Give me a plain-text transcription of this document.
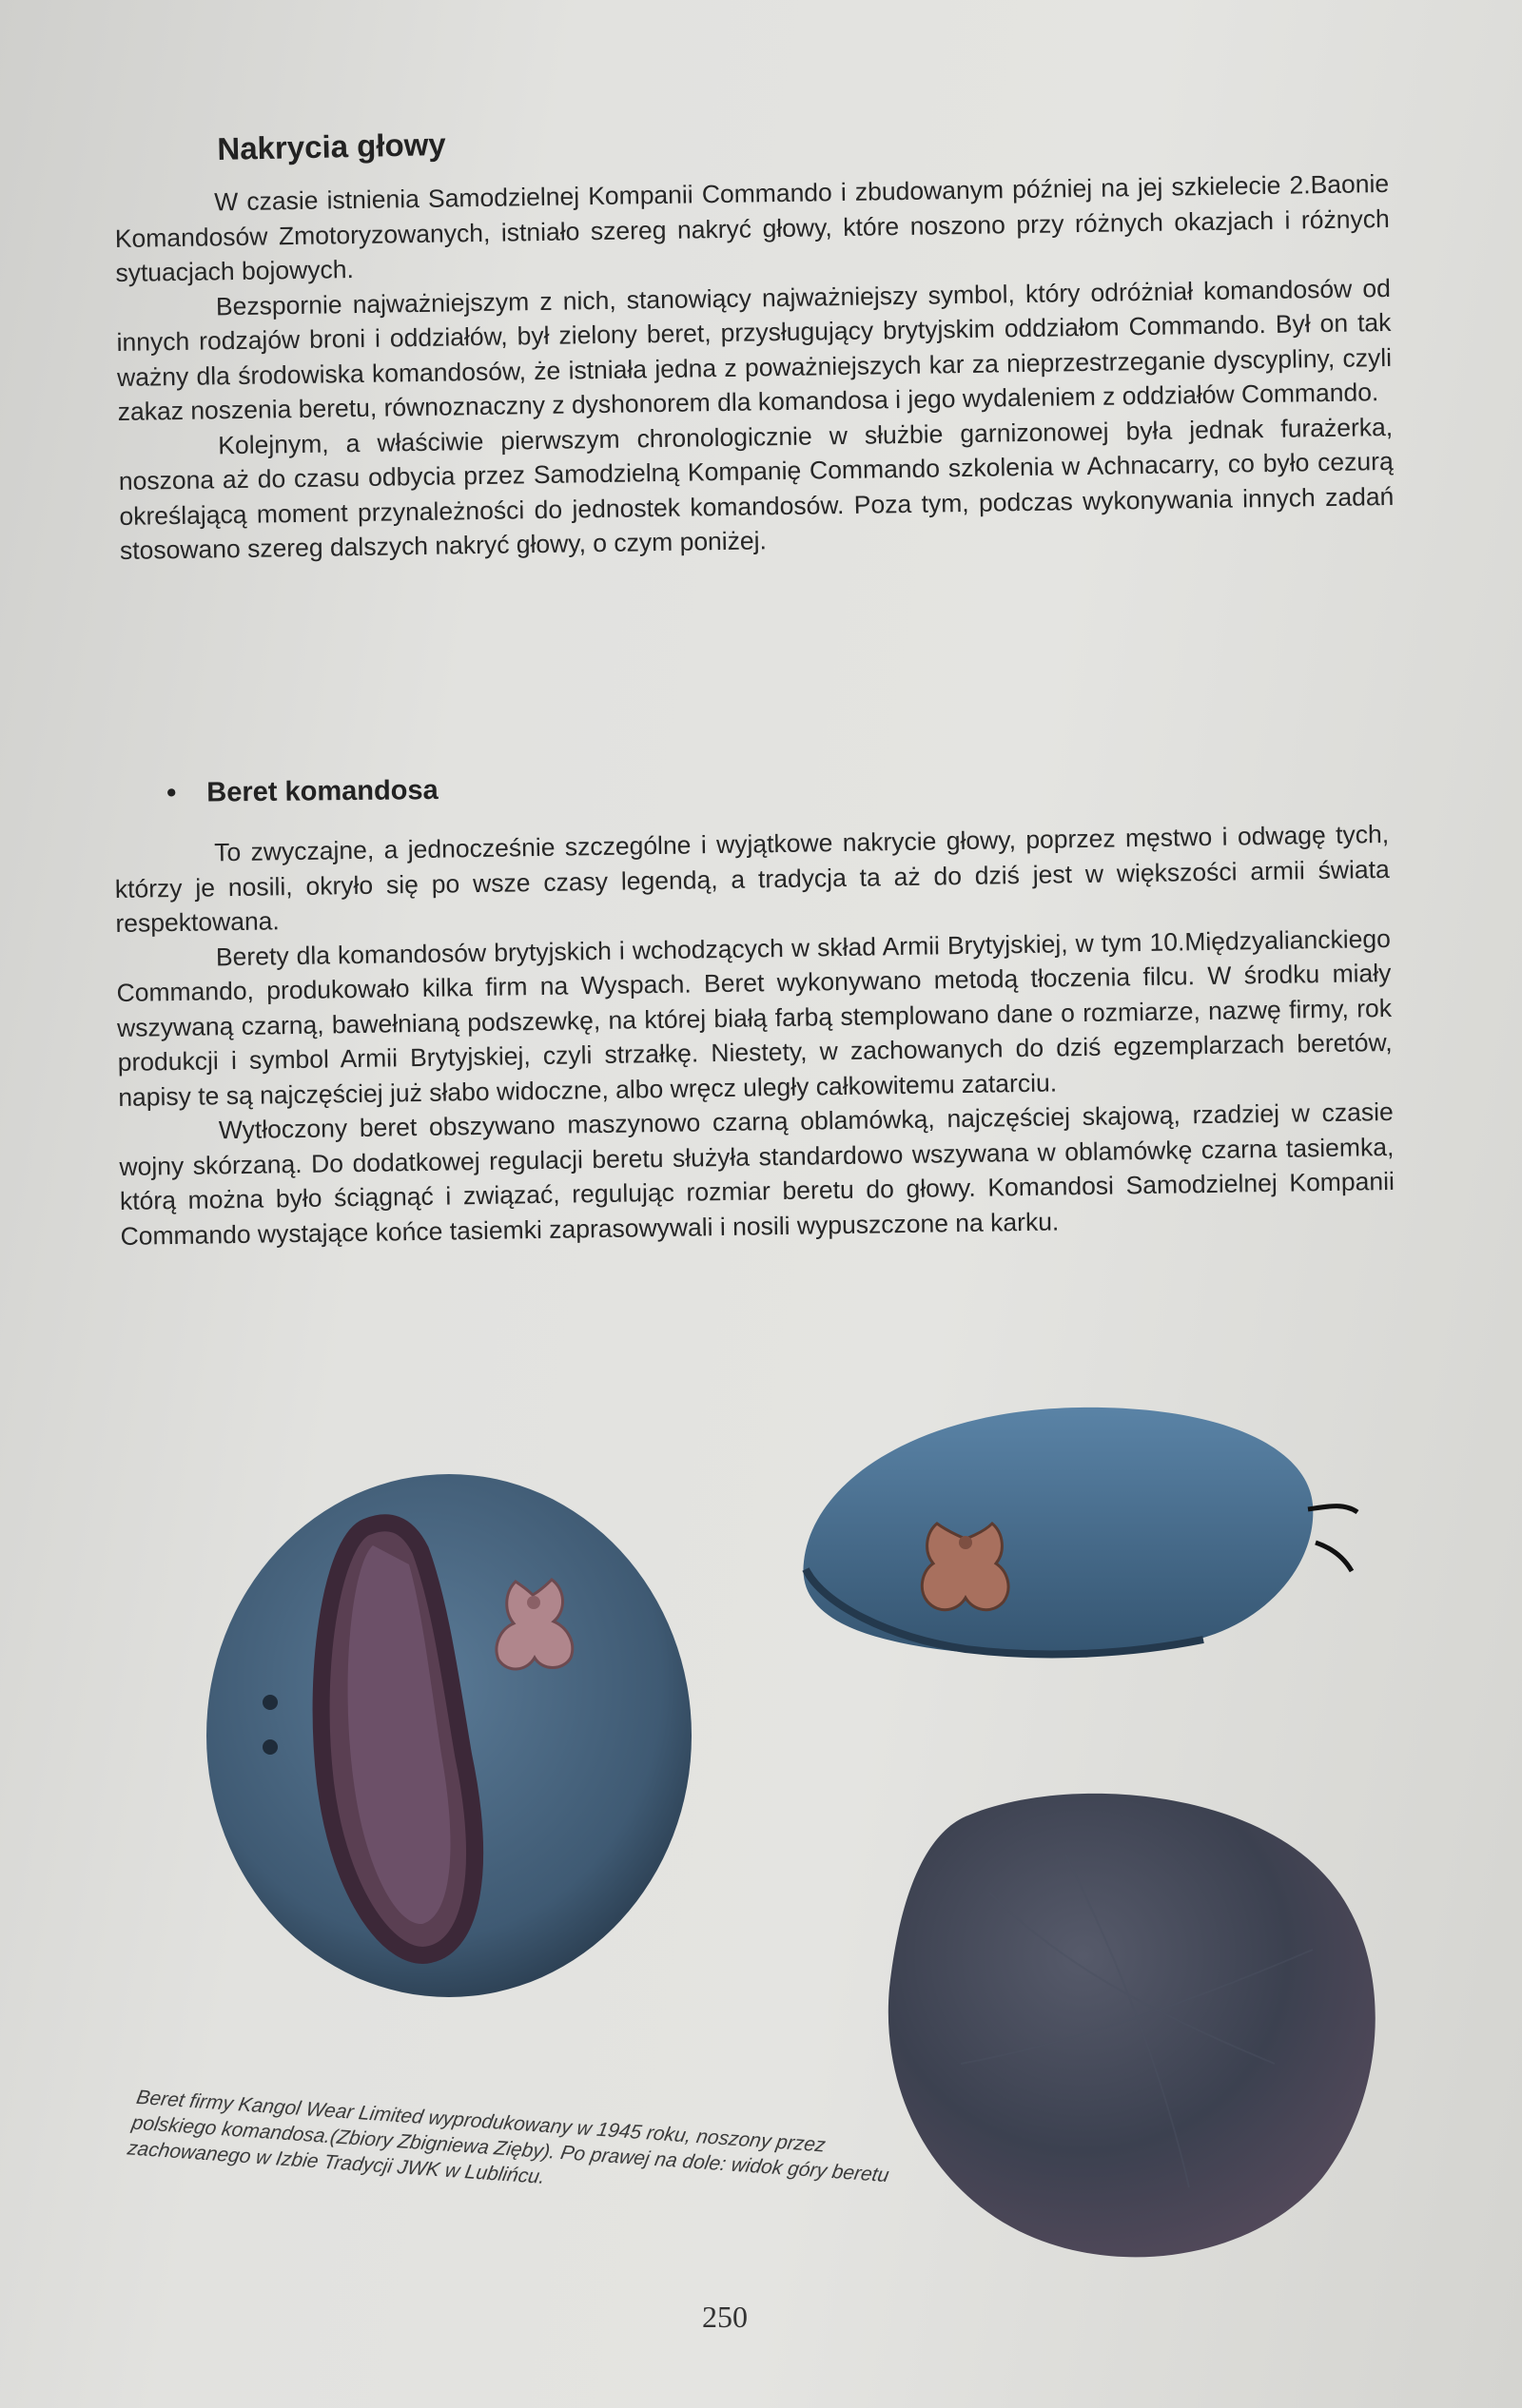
Nakrycia głowy

W czasie istnienia Samodzielnej Kompanii Commando i zbudowanym później na jej szkielecie 2.Baonie Komandosów Zmotoryzowanych, istniało szereg nakryć głowy, które noszono przy różnych okazjach i różnych sytuacjach bojowych.

Bezspornie najważniejszym z nich, stanowiący najważniejszy symbol, który odróżniał komandosów od innych rodzajów broni i oddziałów, był zielony beret, przysługujący brytyjskim oddziałom Commando. Był on tak ważny dla środowiska komandosów, że istniała jedna z poważniejszych kar za nieprzestrzeganie dyscypliny, czyli zakaz noszenia beretu, równoznaczny z dyshonorem dla komandosa i jego wydaleniem z oddziałów Commando.

Kolejnym, a właściwie pierwszym chronologicznie w służbie garnizonowej była jednak furażerka, noszona aż do czasu odbycia przez Samodzielną Kompanię Commando szkolenia w Achnacarry, co było cezurą określającą moment przynależności do jednostek komandosów. Poza tym, podczas wykonywania innych zadań stosowano szereg dalszych nakryć głowy, o czym poniżej.

• Beret komandosa

To zwyczajne, a jednocześnie szczególne i wyjątkowe nakrycie głowy, poprzez męstwo i odwagę tych, którzy je nosili, okryło się po wsze czasy legendą, a tradycja ta aż do dziś jest w większości armii świata respektowana.

Berety dla komandosów brytyjskich i wchodzących w skład Armii Brytyjskiej, w tym 10.Międzyalianckiego Commando, produkowało kilka firm na Wyspach. Beret wykonywano metodą tłoczenia filcu. W środku miały wszywaną czarną, bawełnianą podszewkę, na której białą farbą stemplowano dane o rozmiarze, nazwę firmy, rok produkcji i symbol Armii Brytyjskiej, czyli strzałkę. Niestety, w zachowanych do dziś egzemplarzach beretów, napisy te są najczęściej już słabo widoczne, albo wręcz uległy całkowitemu zatarciu.

Wytłoczony beret obszywano maszynowo czarną oblamówką, najczęściej skajową, rzadziej w czasie wojny skórzaną. Do dodatkowej regulacji beretu służyła standardowo wszywana w oblamówkę czarna tasiemka, którą można było ściągnąć i związać, regulując rozmiar beretu do głowy. Komandosi Samodzielnej Kompanii Commando wystające końce tasiemki zaprasowywali i nosili wypuszczone na karku.

Beret firmy Kangol Wear Limited wyprodukowany w 1945 roku, noszony przez polskiego komandosa.(Zbiory Zbigniewa Zięby). Po prawej na dole: widok góry beretu zachowanego w Izbie Tradycji JWK w Lublińcu.
250
